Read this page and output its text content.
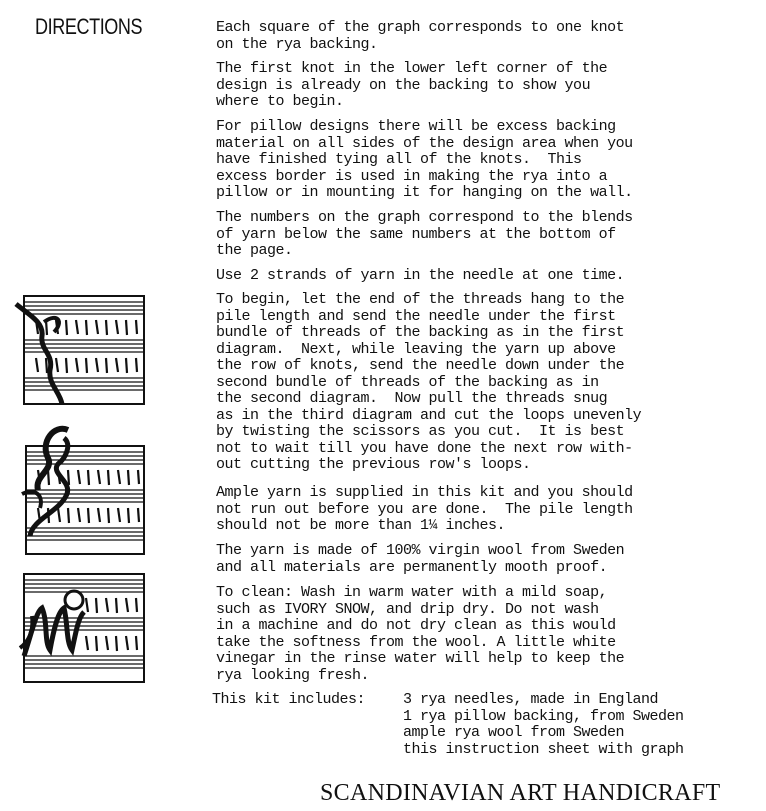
DIRECTIONS	Each square of the graph corresponds to one knot
on the rya backing.
The first knot in the lower left corner of the
design is already on the backing to show you
where to begin.
For pillow designs there will be excess backing
material on all sides of the design area when you
have finished tying all of the knots.  This
excess border is used in making the rya into a
pillow or in mounting it for hanging on the wall.
The numbers on the graph correspond to the blends
of yarn below the same numbers at the bottom of
the page.
Use 2 strands of yarn in the needle at one time.
To begin, let the end of the threads hang to the
pile length and send the needle under the first
bundle of threads of the backing as in the first
diagram.  Next, while leaving the yarn up above
the row of knots, send the needle down under the
second bundle of threads of the backing as in
the second diagram.  Now pull the threads snug
as in the third diagram and cut the loops unevenly
by twisting the scissors as you cut.  It is best
not to wait till you have done the next row with-
out cutting the previous row's loops.
Ample yarn is supplied in this kit and you should
not run out before you are done.  The pile length
should not be more than 1¼ inches.
The yarn is made of 100% virgin wool from Sweden
and all materials are permanently mooth proof.
To clean: Wash in warm water with a mild soap,
such as IVORY SNOW, and drip dry. Do not wash
in a machine and do not dry clean as this would
take the softness from the wool. A little white
vinegar in the rinse water will help to keep the
rya looking fresh.
This kit includes:	3 rya needles, made in England
1 rya pillow backing, from Sweden
ample rya wool from Sweden
this instruction sheet with graph
SCANDINAVIAN ART HANDICRAFT
